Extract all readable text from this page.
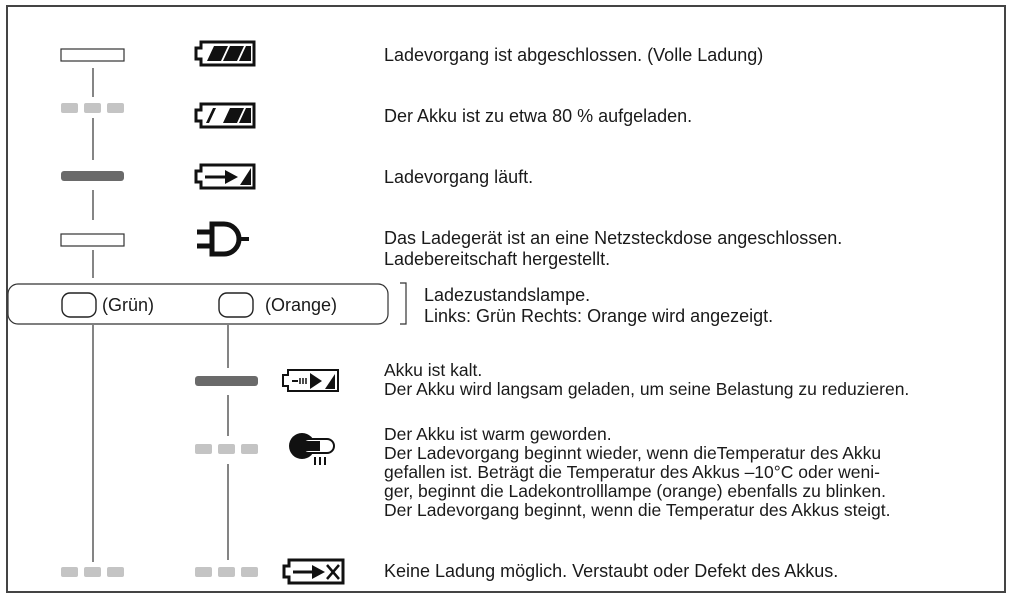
Ladevorgang ist abgeschlossen. (Volle Ladung)
Der Akku ist zu etwa 80 % aufgeladen.
Ladevorgang läuft.
Das Ladegerät ist an eine Netzsteckdose angeschlossen.
Ladebereitschaft hergestellt.
(Grün)	(Orange)	Ladezustandslampe.
Links: Grün Rechts: Orange wird angezeigt.
Akku ist kalt.
Der Akku wird langsam geladen, um seine Belastung zu reduzieren.
Der Akku ist warm geworden.
Der Ladevorgang beginnt wieder, wenn dieTemperatur des Akku
gefallen ist. Beträgt die Temperatur des Akkus –10°C oder weni-
ger, beginnt die Ladekontrolllampe (orange) ebenfalls zu blinken.
Der Ladevorgang beginnt, wenn die Temperatur des Akkus steigt.
Keine Ladung möglich. Verstaubt oder Defekt des Akkus.
